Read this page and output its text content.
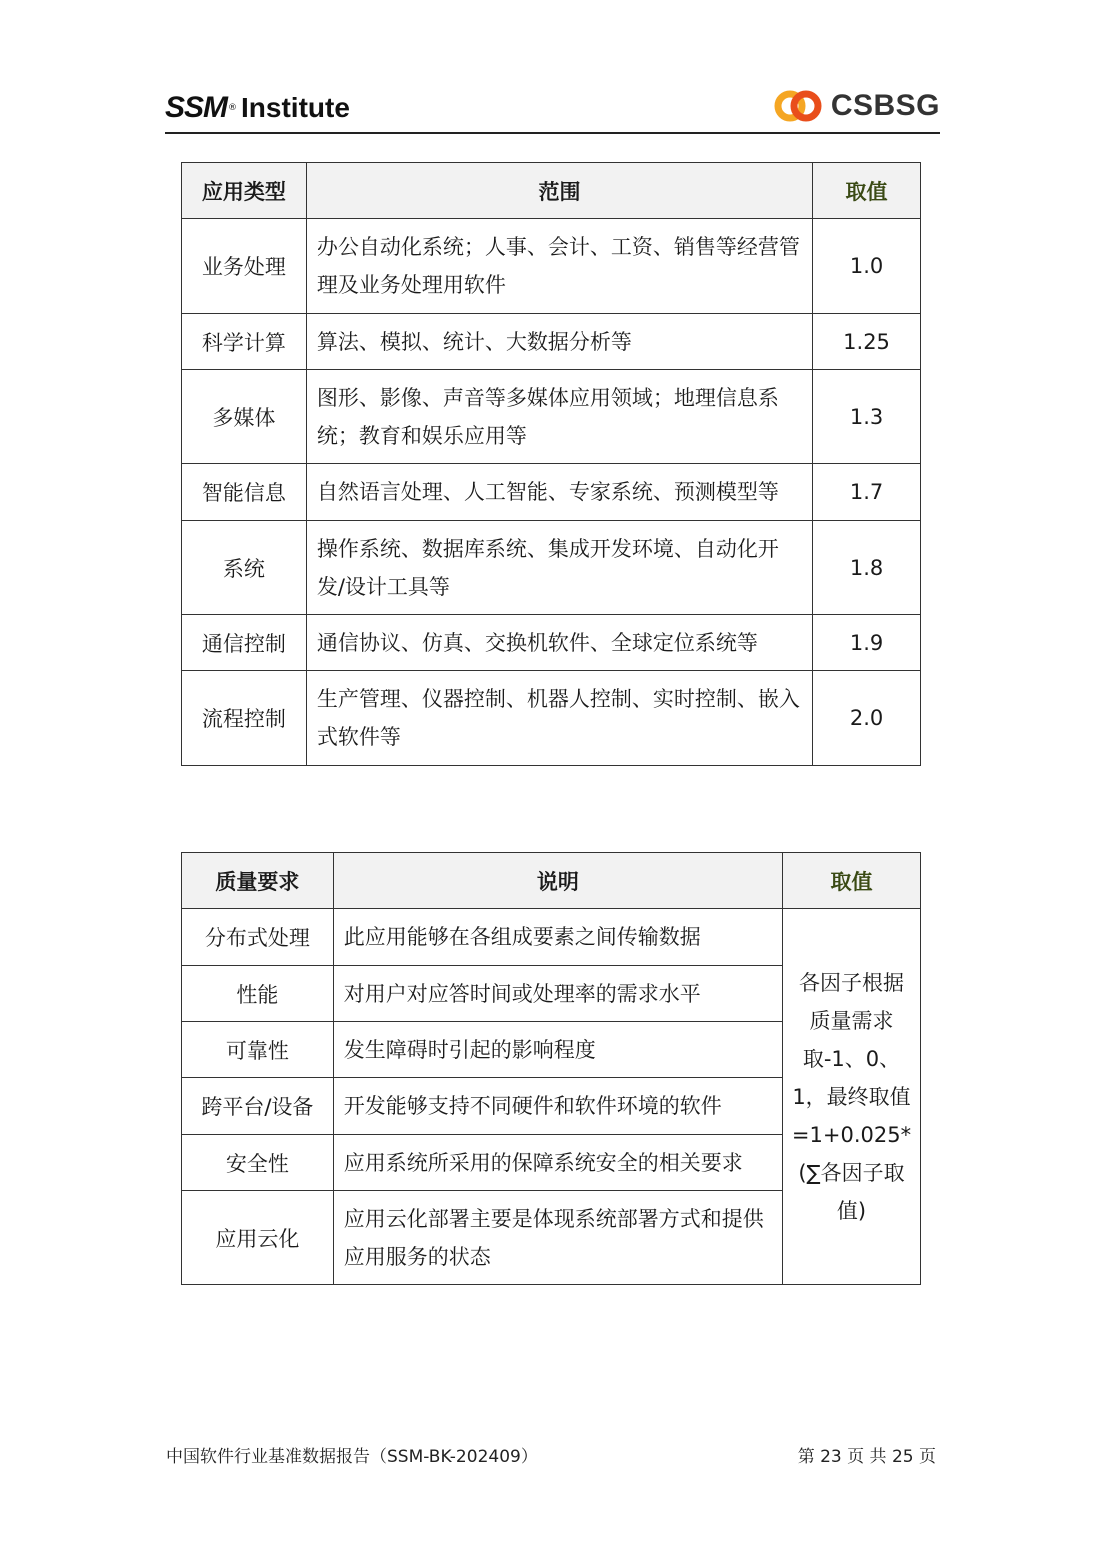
SSM ® Institute	CSBSG
应用类型	范围	取值
业务处理	办公自动化系统；人事、会计、工资、销售等经营管理及业务处理用软件	1.0
科学计算	算法、模拟、统计、大数据分析等	1.25
多媒体	图形、影像、声音等多媒体应用领域；地理信息系统；教育和娱乐应用等	1.3
智能信息	自然语言处理、人工智能、专家系统、预测模型等	1.7
系统	操作系统、数据库系统、集成开发环境、自动化开发/设计工具等	1.8
通信控制	通信协议、仿真、交换机软件、全球定位系统等	1.9
流程控制	生产管理、仪器控制、机器人控制、实时控制、嵌入式软件等	2.0
质量要求	说明	取值
分布式处理	此应用能够在各组成要素之间传输数据	各因子根据质量需求取-1、0、1，最终取值=1+0.025*(∑各因子取值)
性能	对用户对应答时间或处理率的需求水平	
可靠性	发生障碍时引起的影响程度	
跨平台/设备	开发能够支持不同硬件和软件环境的软件	
安全性	应用系统所采用的保障系统安全的相关要求	
应用云化	应用云化部署主要是体现系统部署方式和提供应用服务的状态	
中国软件行业基准数据报告（SSM-BK-202409）	第 23 页 共 25 页
